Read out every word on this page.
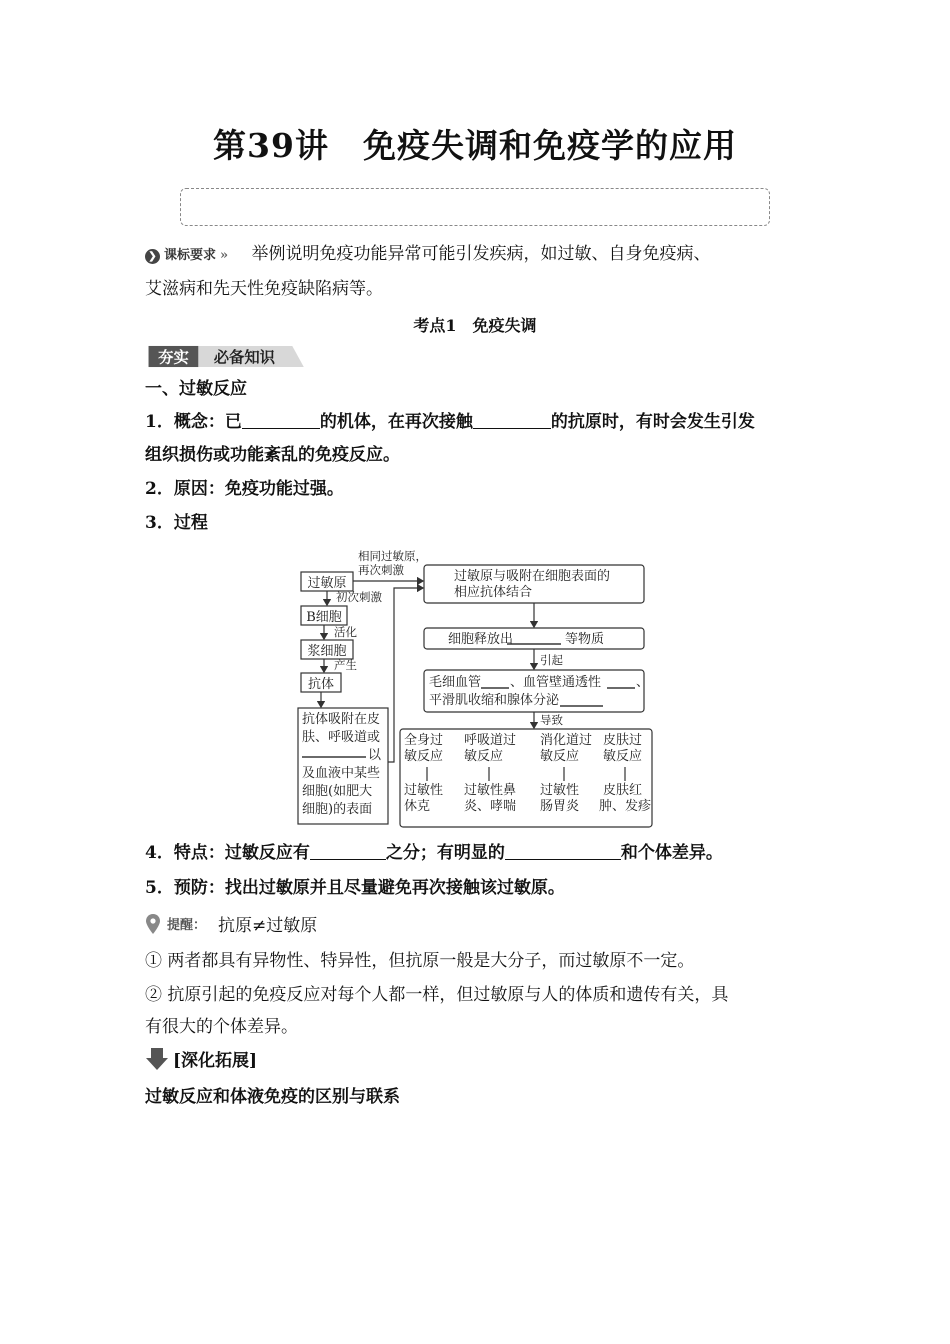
第39讲　免疫失调和免疫学的应用
❯ 课标要求 » 举例说明免疫功能异常可能引发疾病，如过敏、自身免疫病、
艾滋病和先天性免疫缺陷病等。
考点1　免疫失调
夯实 必备知识
一、过敏反应
1．概念：已	的机体，在再次接触	的抗原时，有时会发生引发
组织损伤或功能紊乱的免疫反应。
2．原因：免疫功能过强。
3．过程
过敏原
初次刺激
B细胞
活化
浆细胞
产生
抗体
抗体吸附在皮
肤、呼吸道或
以
及血液中某些
细胞(如肥大
细胞)的表面
相同过敏原，
再次刺激	过敏原与吸附在细胞表面的
相应抗体结合
细胞释放出	等物质
引起
毛细血管 、血管壁通透性	、
平滑肌收缩和腺体分泌
导致
全身过
敏反应
过敏性
休克
呼吸道过
敏反应
过敏性鼻
炎、哮喘
消化道过
敏反应
过敏性
肠胃炎
皮肤过
敏反应
皮肤红
肿、发疹
4．特点：过敏反应有	之分；有明显的	和个体差异。
5．预防：找出过敏原并且尽量避免再次接触该过敏原。
提醒： 抗原≠过敏原
① 两者都具有异物性、特异性，但抗原一般是大分子，而过敏原不一定。
② 抗原引起的免疫反应对每个人都一样，但过敏原与人的体质和遗传有关，具
有很大的个体差异。
[深化拓展]
过敏反应和体液免疫的区别与联系
